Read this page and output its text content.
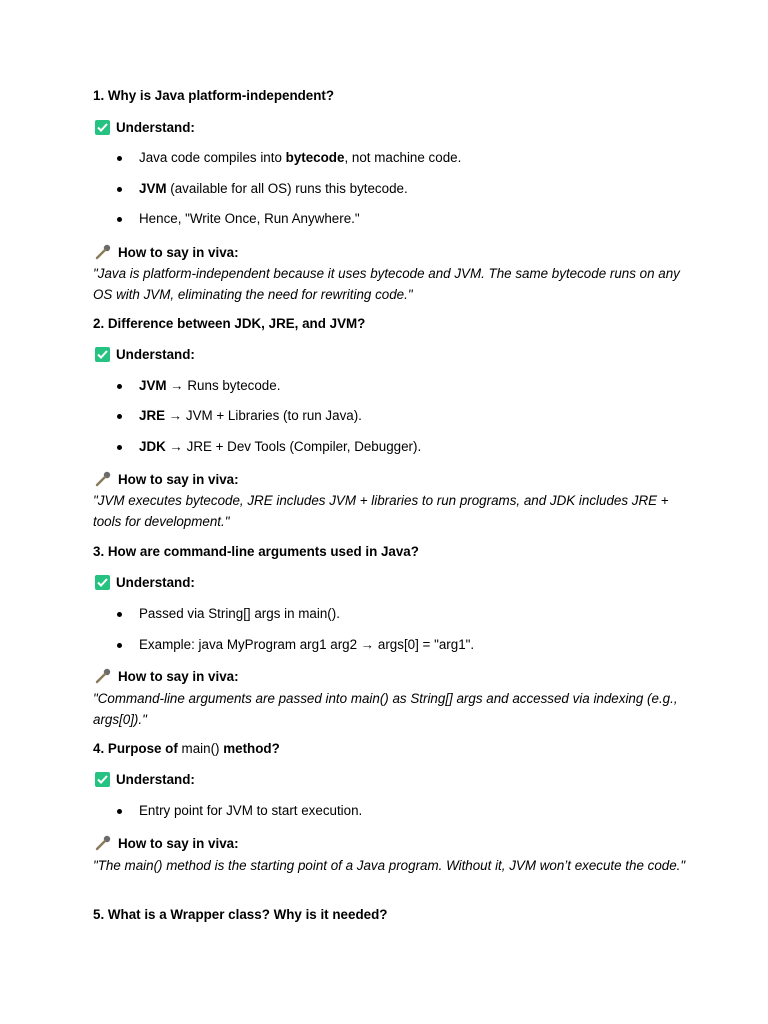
1. Why is Java platform-independent?
Understand:
Java code compiles into bytecode, not machine code.
JVM (available for all OS) runs this bytecode.
Hence, "Write Once, Run Anywhere."
How to say in viva:
"Java is platform-independent because it uses bytecode and JVM. The same bytecode runs on any OS with JVM, eliminating the need for rewriting code."
2. Difference between JDK, JRE, and JVM?
Understand:
JVM → Runs bytecode.
JRE → JVM + Libraries (to run Java).
JDK → JRE + Dev Tools (Compiler, Debugger).
How to say in viva:
"JVM executes bytecode, JRE includes JVM + libraries to run programs, and JDK includes JRE + tools for development."
3. How are command-line arguments used in Java?
Understand:
Passed via String[] args in main().
Example: java MyProgram arg1 arg2 → args[0] = "arg1".
How to say in viva:
"Command-line arguments are passed into main() as String[] args and accessed via indexing (e.g., args[0])."
4. Purpose of main() method?
Understand:
Entry point for JVM to start execution.
How to say in viva:
"The main() method is the starting point of a Java program. Without it, JVM won’t execute the code."
5. What is a Wrapper class? Why is it needed?
